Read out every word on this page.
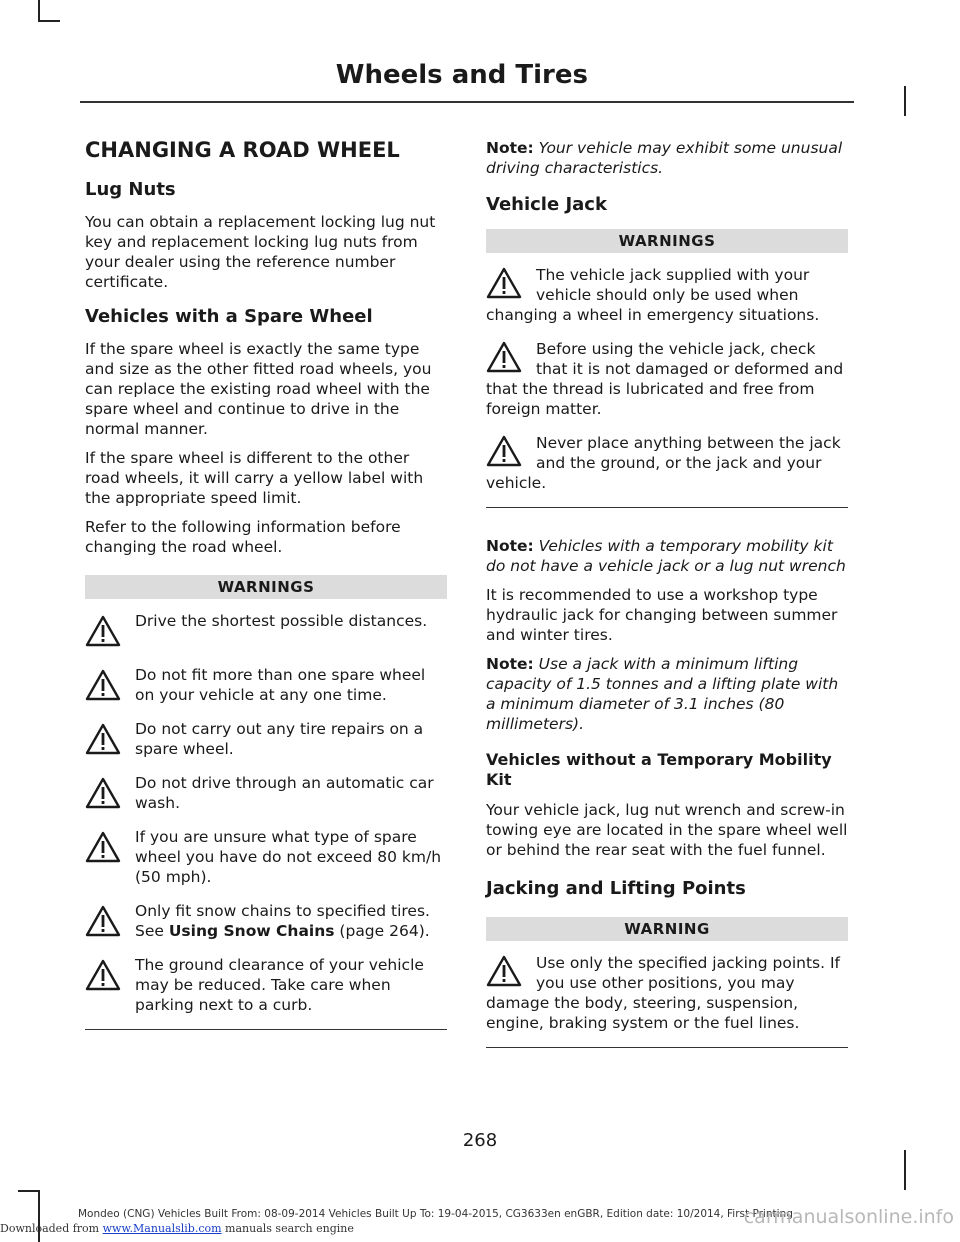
Wheels and Tires
CHANGING A ROAD WHEEL
Lug Nuts

You can obtain a replacement locking lug nut key and replacement locking lug nuts from your dealer using the reference number certificate.

Vehicles with a Spare Wheel

If the spare wheel is exactly the same type and size as the other fitted road wheels, you can replace the existing road wheel with the spare wheel and continue to drive in the normal manner.

If the spare wheel is different to the other road wheels, it will carry a yellow label with the appropriate speed limit.

Refer to the following information before changing the road wheel.

WARNINGS
Drive the shortest possible distances.
Do not fit more than one spare wheel on your vehicle at any one time.
Do not carry out any tire repairs on a spare wheel.
Do not drive through an automatic car wash.
If you are unsure what type of spare wheel you have do not exceed 80 km/h (50 mph).
Only fit snow chains to specified tires. See Using Snow Chains (page 264).
The ground clearance of your vehicle may be reduced. Take care when parking next to a curb.

Note: Your vehicle may exhibit some unusual driving characteristics.

Vehicle Jack
WARNINGS
The vehicle jack supplied with your vehicle should only be used when changing a wheel in emergency situations.
Before using the vehicle jack, check that it is not damaged or deformed and that the thread is lubricated and free from foreign matter.
Never place anything between the jack and the ground, or the jack and your vehicle.

Note: Vehicles with a temporary mobility kit do not have a vehicle jack or a lug nut wrench

It is recommended to use a workshop type hydraulic jack for changing between summer and winter tires.

Note: Use a jack with a minimum lifting capacity of 1.5 tonnes and a lifting plate with a minimum diameter of 3.1 inches (80 millimeters).

Vehicles without a Temporary Mobility Kit

Your vehicle jack, lug nut wrench and screw-in towing eye are located in the spare wheel well or behind the rear seat with the fuel funnel.

Jacking and Lifting Points
WARNING
Use only the specified jacking points. If you use other positions, you may damage the body, steering, suspension, engine, braking system or the fuel lines.
268
Downloaded from www.Manualslib.com manuals search engine
Mondeo (CNG) Vehicles Built From: 08-09-2014 Vehicles Built Up To: 19-04-2015, CG3633en enGBR, Edition date: 10/2014, First Printing
carmanualsonline.info
